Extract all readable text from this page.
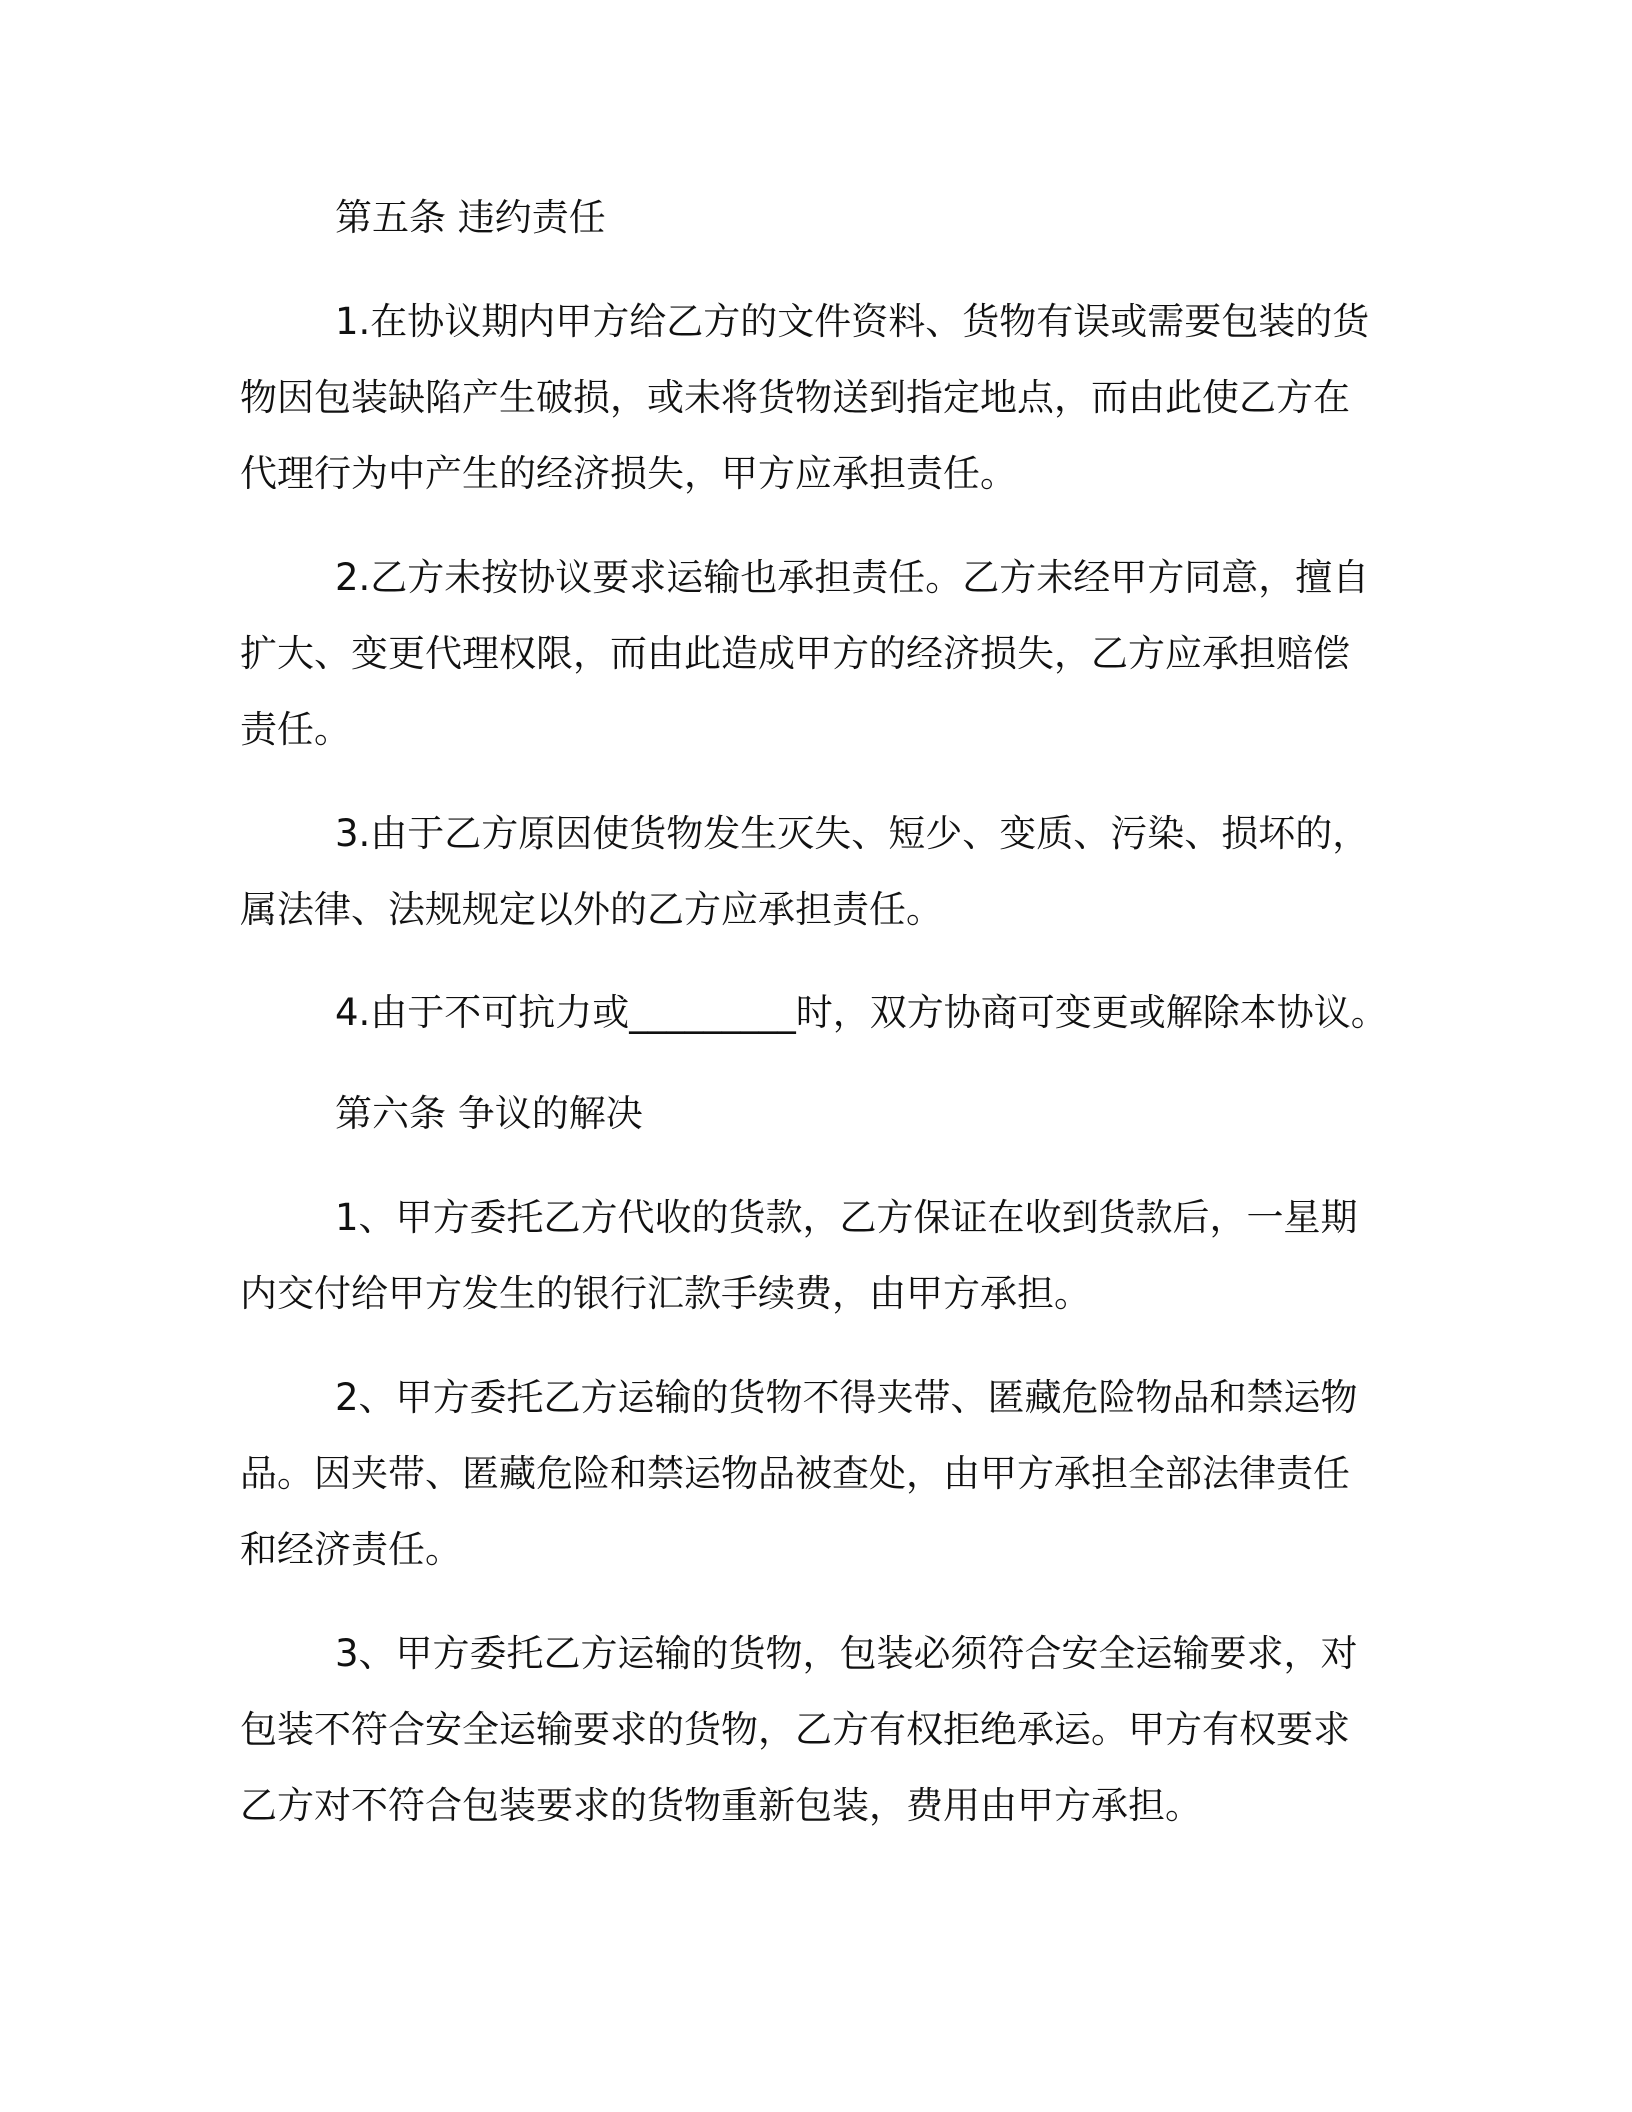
第五条 违约责任
1.在协议期内甲方给乙方的文件资料、货物有误或需要包装的货
物因包装缺陷产生破损，或未将货物送到指定地点，而由此使乙方在
代理行为中产生的经济损失，甲方应承担责任。
2.乙方未按协议要求运输也承担责任。乙方未经甲方同意，擅自
扩大、变更代理权限，而由此造成甲方的经济损失，乙方应承担赔偿
责任。
3.由于乙方原因使货物发生灭失、短少、变质、污染、损坏的，
属法律、法规规定以外的乙方应承担责任。
4.由于不可抗力或_________时，双方协商可变更或解除本协议。
第六条 争议的解决
1、甲方委托乙方代收的货款，乙方保证在收到货款后，一星期
内交付给甲方发生的银行汇款手续费，由甲方承担。
2、甲方委托乙方运输的货物不得夹带、匿藏危险物品和禁运物
品。因夹带、匿藏危险和禁运物品被查处，由甲方承担全部法律责任
和经济责任。
3、甲方委托乙方运输的货物，包装必须符合安全运输要求，对
包装不符合安全运输要求的货物，乙方有权拒绝承运。甲方有权要求
乙方对不符合包装要求的货物重新包装，费用由甲方承担。
